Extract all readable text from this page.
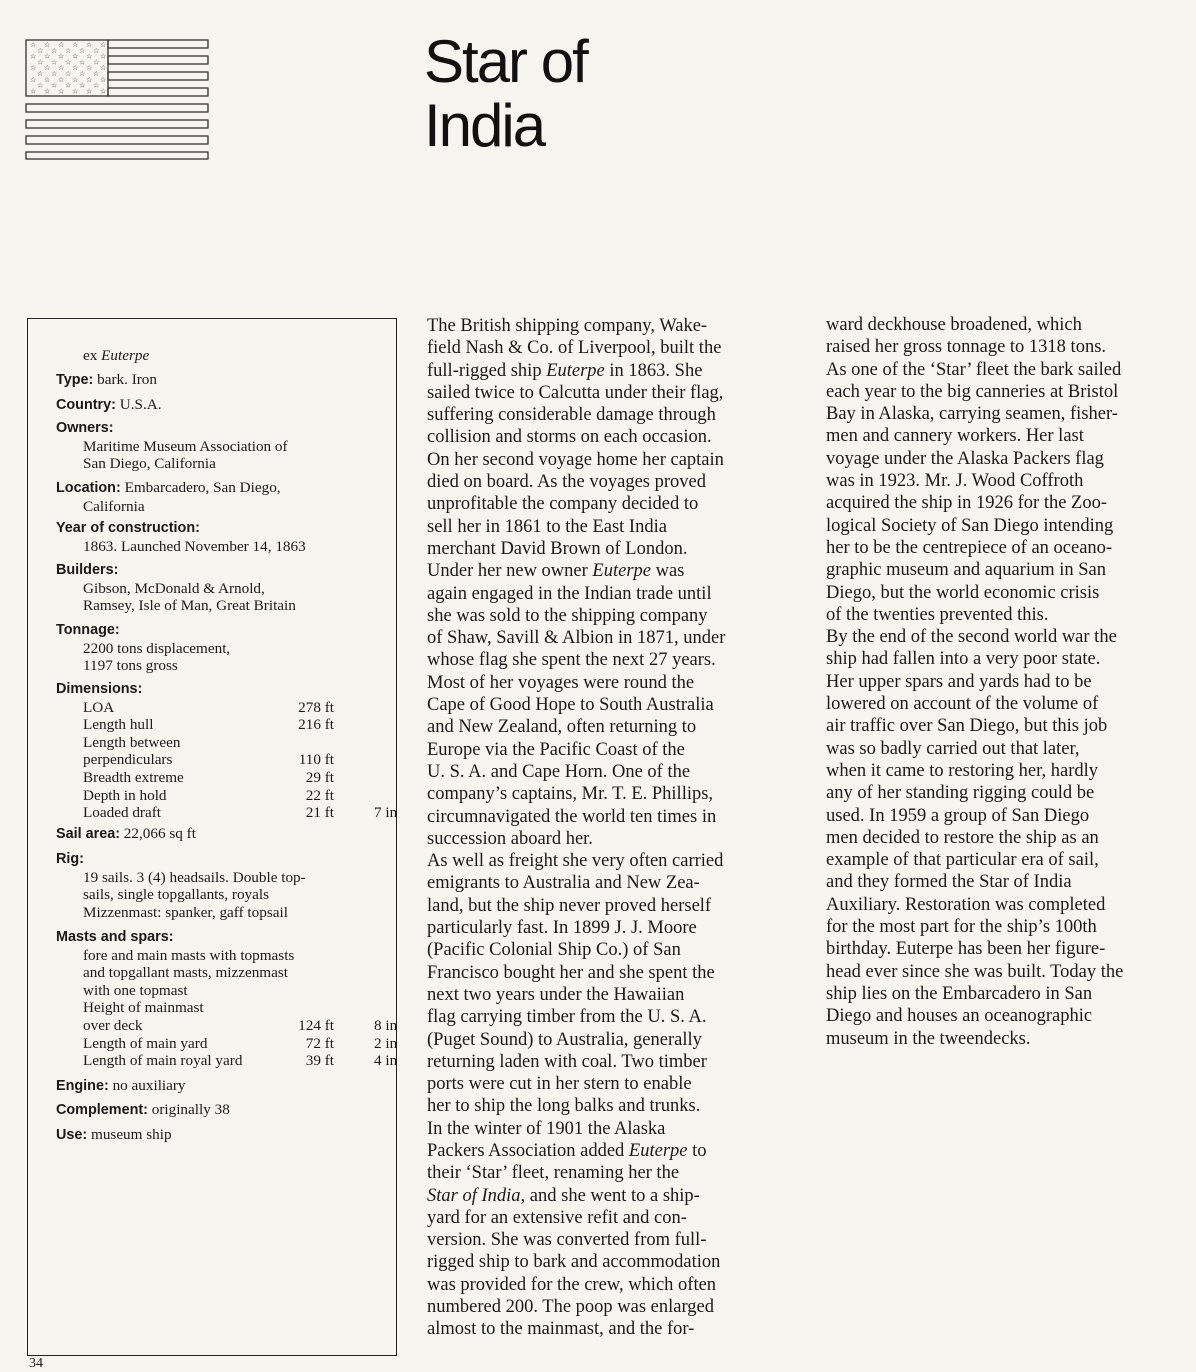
☆ ☆ ☆ ☆ ☆ ☆
☆ ☆ ☆ ☆ ☆
☆ ☆ ☆ ☆ ☆ ☆
☆ ☆ ☆ ☆ ☆
☆ ☆ ☆ ☆ ☆ ☆
☆ ☆ ☆ ☆ ☆
☆ ☆ ☆ ☆ ☆ ☆
☆ ☆ ☆ ☆ ☆
☆ ☆ ☆ ☆ ☆ ☆	Star of
India
ex Euterpe
Type: bark. Iron
Country: U.S.A.
Owners:
Maritime Museum Association of
San Diego, California
Location: Embarcadero, San Diego,
California
Year of construction:
1863. Launched November 14, 1863
Builders:
Gibson, McDonald & Arnold,
Ramsey, Isle of Man, Great Britain
Tonnage:
2200 tons displacement,
1197 tons gross
Dimensions:
LOA	278 ft
Length hull	216 ft
Length between
perpendiculars	110 ft
Breadth extreme	29 ft
Depth in hold	22 ft
Loaded draft	21 ft	7 in
Sail area: 22,066 sq ft
Rig:
19 sails. 3 (4) headsails. Double top-
sails, single topgallants, royals
Mizzenmast: spanker, gaff topsail
Masts and spars:
fore and main masts with topmasts
and topgallant masts, mizzenmast
with one topmast
Height of mainmast
over deck	124 ft	8 in
Length of main yard	72 ft	2 in
Length of main royal yard	39 ft	4 in
Engine: no auxiliary
Complement: originally 38
Use: museum ship
The British shipping company, Wake-
field Nash & Co. of Liverpool, built the
full-rigged ship Euterpe in 1863. She
sailed twice to Calcutta under their flag,
suffering considerable damage through
collision and storms on each occasion.
On her second voyage home her captain
died on board. As the voyages proved
unprofitable the company decided to
sell her in 1861 to the East India
merchant David Brown of London.
Under her new owner Euterpe was
again engaged in the Indian trade until
she was sold to the shipping company
of Shaw, Savill & Albion in 1871, under
whose flag she spent the next 27 years.
Most of her voyages were round the
Cape of Good Hope to South Australia
and New Zealand, often returning to
Europe via the Pacific Coast of the
U. S. A. and Cape Horn. One of the
company’s captains, Mr. T. E. Phillips,
circumnavigated the world ten times in
succession aboard her.
As well as freight she very often carried
emigrants to Australia and New Zea-
land, but the ship never proved herself
particularly fast. In 1899 J. J. Moore
(Pacific Colonial Ship Co.) of San
Francisco bought her and she spent the
next two years under the Hawaiian
flag carrying timber from the U. S. A.
(Puget Sound) to Australia, generally
returning laden with coal. Two timber
ports were cut in her stern to enable
her to ship the long balks and trunks.
In the winter of 1901 the Alaska
Packers Association added Euterpe to
their ‘Star’ fleet, renaming her the
Star of India, and she went to a ship-
yard for an extensive refit and con-
version. She was converted from full-
rigged ship to bark and accommodation
was provided for the crew, which often
numbered 200. The poop was enlarged
almost to the mainmast, and the for-
ward deckhouse broadened, which
raised her gross tonnage to 1318 tons.
As one of the ‘Star’ fleet the bark sailed
each year to the big canneries at Bristol
Bay in Alaska, carrying seamen, fisher-
men and cannery workers. Her last
voyage under the Alaska Packers flag
was in 1923. Mr. J. Wood Coffroth
acquired the ship in 1926 for the Zoo-
logical Society of San Diego intending
her to be the centrepiece of an oceano-
graphic museum and aquarium in San
Diego, but the world economic crisis
of the twenties prevented this.
By the end of the second world war the
ship had fallen into a very poor state.
Her upper spars and yards had to be
lowered on account of the volume of
air traffic over San Diego, but this job
was so badly carried out that later,
when it came to restoring her, hardly
any of her standing rigging could be
used. In 1959 a group of San Diego
men decided to restore the ship as an
example of that particular era of sail,
and they formed the Star of India
Auxiliary. Restoration was completed
for the most part for the ship’s 100th
birthday. Euterpe has been her figure-
head ever since she was built. Today the
ship lies on the Embarcadero in San
Diego and houses an oceanographic
museum in the tweendecks.
34
